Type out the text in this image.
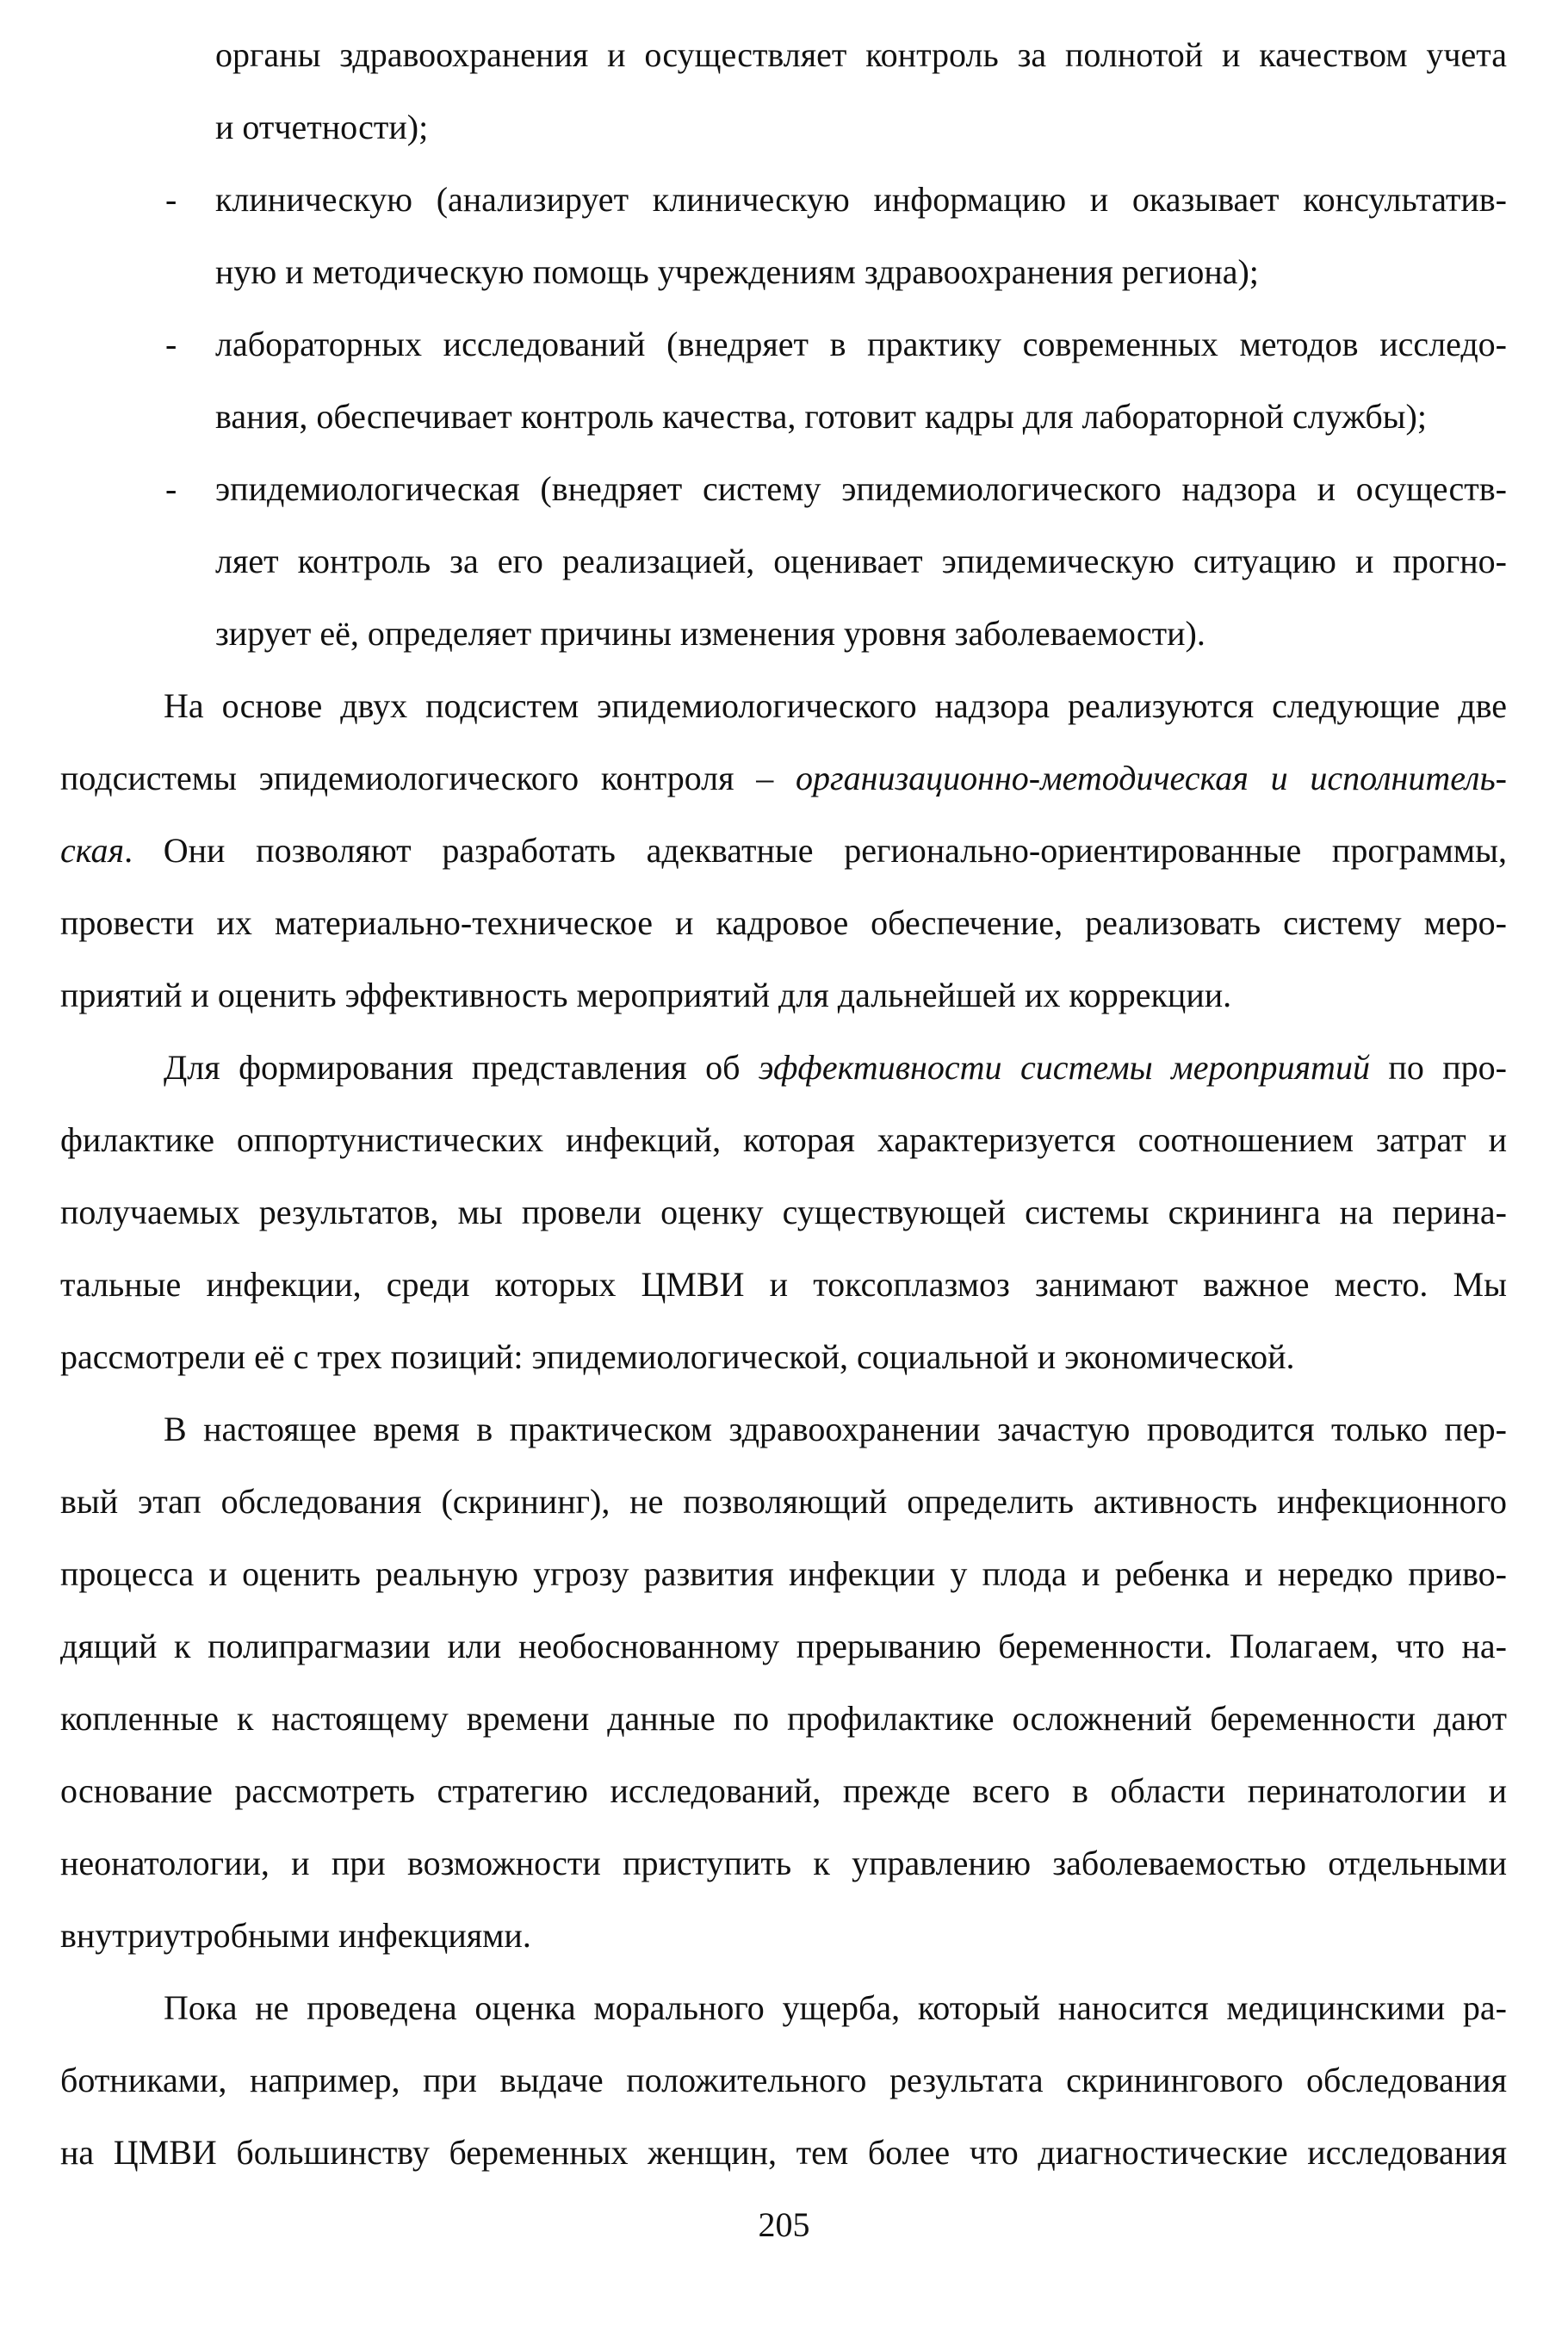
органы здравоохранения и осуществляет контроль за полнотой и качеством учета
и отчетности);
- клиническую (анализирует клиническую информацию и оказывает консультатив-
ную и методическую помощь учреждениям здравоохранения региона);
- лабораторных исследований (внедряет в практику современных методов исследо-
вания, обеспечивает контроль качества, готовит кадры для лабораторной службы);
- эпидемиологическая (внедряет систему эпидемиологического надзора и осуществ-
ляет контроль за его реализацией, оценивает эпидемическую ситуацию и прогно-
зирует её, определяет причины изменения уровня заболеваемости).
На основе двух подсистем эпидемиологического надзора реализуются следующие две
подсистемы эпидемиологического контроля – организационно-методическая и исполнитель-
ская. Они позволяют разработать адекватные регионально-ориентированные программы,
провести их материально-техническое и кадровое обеспечение, реализовать систему меро-
приятий и оценить эффективность мероприятий для дальнейшей их коррекции.
Для формирования представления об эффективности системы мероприятий по про-
филактике оппортунистических инфекций, которая характеризуется соотношением затрат и
получаемых результатов, мы провели оценку существующей системы скрининга на перина-
тальные инфекции, среди которых ЦМВИ и токсоплазмоз занимают важное место. Мы
рассмотрели её с трех позиций: эпидемиологической, социальной и экономической.
В настоящее время в практическом здравоохранении зачастую проводится только пер-
вый этап обследования (скрининг), не позволяющий определить активность инфекционного
процесса и оценить реальную угрозу развития инфекции у плода и ребенка и нередко приво-
дящий к полипрагмазии или необоснованному прерыванию беременности. Полагаем, что на-
копленные к настоящему времени данные по профилактике осложнений беременности дают
основание рассмотреть стратегию исследований, прежде всего в области перинатологии и
неонатологии, и при возможности приступить к управлению заболеваемостью отдельными
внутриутробными инфекциями.
Пока не проведена оценка морального ущерба, который наносится медицинскими ра-
ботниками, например, при выдаче положительного результата скринингового обследования
на ЦМВИ большинству беременных женщин, тем более что диагностические исследования
205
